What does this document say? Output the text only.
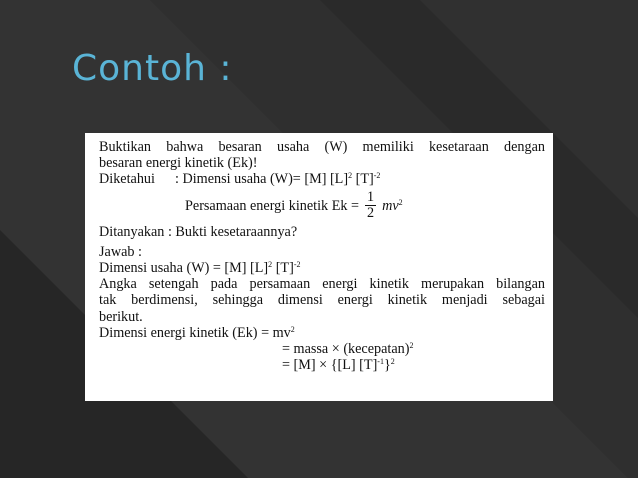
Contoh :
Buktikan bahwa besaran usaha (W) memiliki kesetaraan dengan
besaran energi kinetik (Ek)!
Diketahui : Dimensi usaha (W)= [M] $[L]^2$ $[T]^{-2}$
Persamaan energi kinetik $Ek = \frac{1}{2} mv^2$
Ditanyakan : Bukti kesetaraannya?
Jawab :
Dimensi usaha (W) = [M] $[L]^2$ $[T]^{-2}$
Angka setengah pada persamaan energi kinetik merupakan bilangan
tak berdimensi, sehingga dimensi energi kinetik menjadi sebagai
berikut.
Dimensi energi kinetik $(Ek) = mv^2$
= massa × (kecepatan)$^2$
= [M] × {[L] $[T]^{-1}\}^2$
